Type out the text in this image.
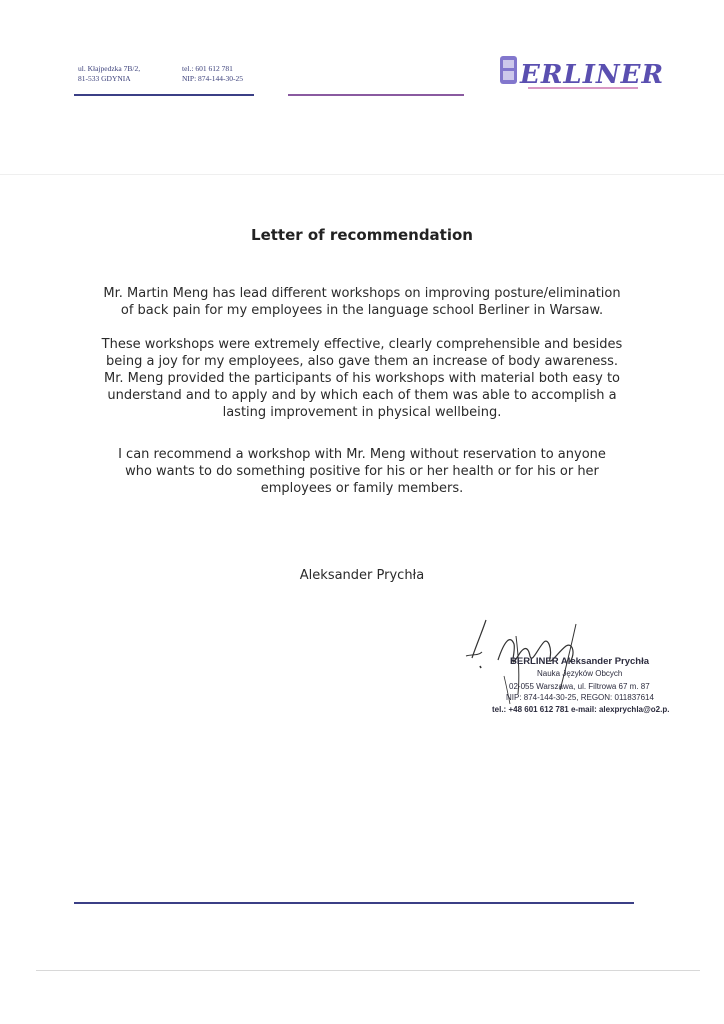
ul. Kłajpedzka 7B/2,
81-533 GDYNIA
tel.: 601 612 781
NIP: 874-144-30-25	ERLINER
Letter of recommendation
Mr. Martin Meng has lead different workshops on improving posture/elimination
of back pain for my employees in the language school Berliner in Warsaw.
These workshops were extremely effective, clearly comprehensible and besides
being a joy for my employees, also gave them an increase of body awareness.
Mr. Meng provided the participants of his workshops with material both easy to
understand and to apply and by which each of them was able to accomplish a
lasting improvement in physical wellbeing.
I can recommend a workshop with Mr. Meng without reservation to anyone
who wants to do something positive for his or her health or for his or her
employees or family members.
Aleksander Prychła
BERLINER Aleksander Prychła
Nauka Języków Obcych
02-055 Warszawa, ul. Filtrowa 67 m. 87
NIP: 874-144-30-25, REGON: 011837614
tel.: +48 601 612 781 e-mail: alexprychla@o2.p.
